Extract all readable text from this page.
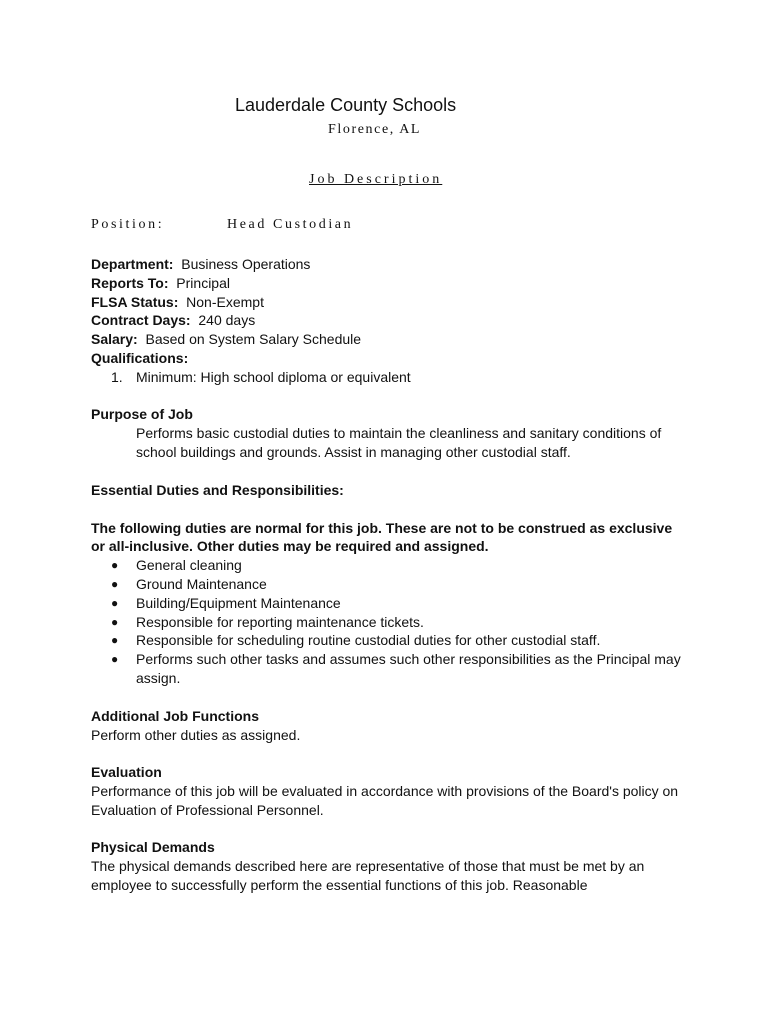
Lauderdale County Schools
Florence, AL
Job Description
Position:	Head Custodian
Department: Business Operations
Reports To: Principal
FLSA Status: Non-Exempt
Contract Days: 240 days
Salary: Based on System Salary Schedule
Qualifications:
1. Minimum: High school diploma or equivalent
Purpose of Job
Performs basic custodial duties to maintain the cleanliness and sanitary conditions of
school buildings and grounds. Assist in managing other custodial staff.
Essential Duties and Responsibilities:
The following duties are normal for this job. These are not to be construed as exclusive
or all-inclusive. Other duties may be required and assigned.
● General cleaning
● Ground Maintenance
● Building/Equipment Maintenance
● Responsible for reporting maintenance tickets.
● Responsible for scheduling routine custodial duties for other custodial staff.
● Performs such other tasks and assumes such other responsibilities as the Principal may assign.
Additional Job Functions
Perform other duties as assigned.
Evaluation
Performance of this job will be evaluated in accordance with provisions of the Board's policy on
Evaluation of Professional Personnel.
Physical Demands
The physical demands described here are representative of those that must be met by an
employee to successfully perform the essential functions of this job. Reasonable
